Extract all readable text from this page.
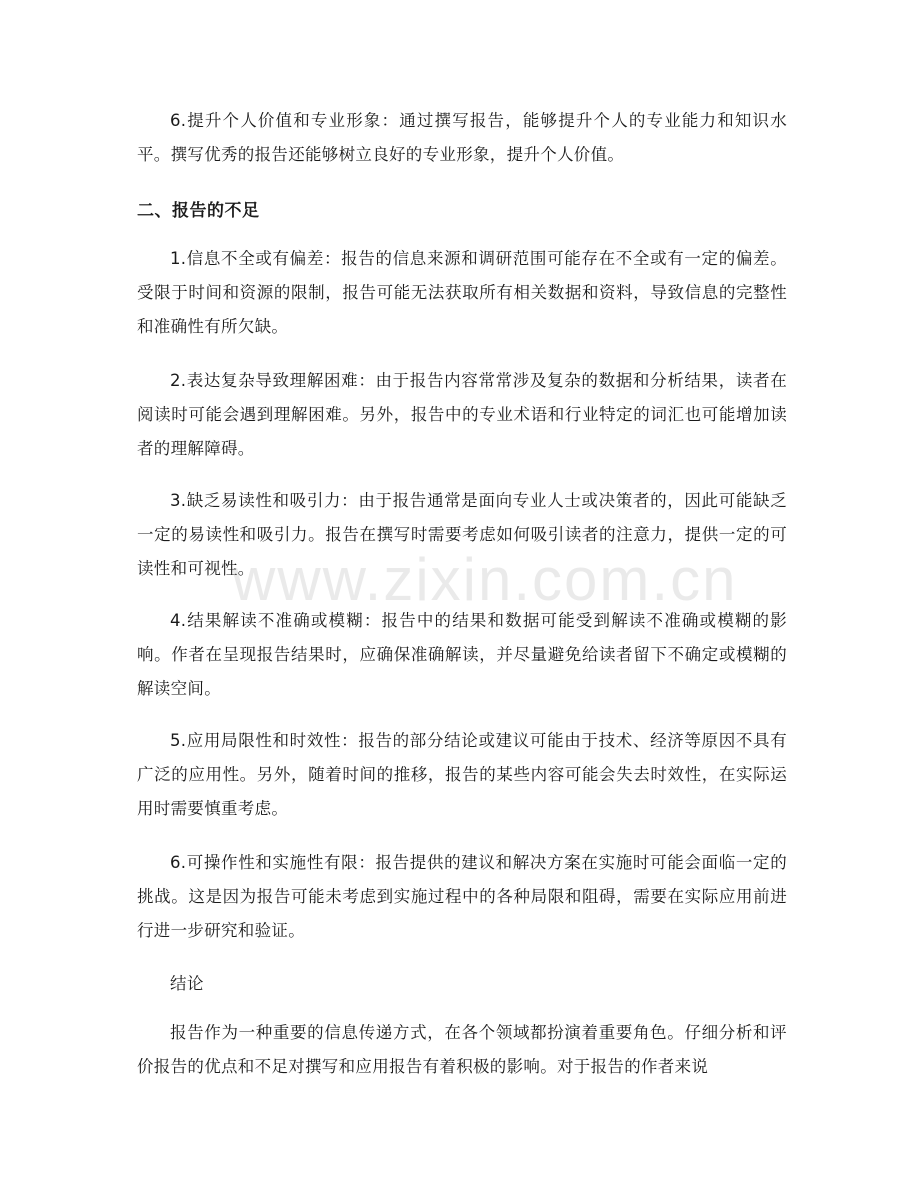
6.提升个人价值和专业形象：通过撰写报告，能够提升个人的专业能力和知识水平。撰写优秀的报告还能够树立良好的专业形象，提升个人价值。

二、报告的不足

1.信息不全或有偏差：报告的信息来源和调研范围可能存在不全或有一定的偏差。受限于时间和资源的限制，报告可能无法获取所有相关数据和资料，导致信息的完整性和准确性有所欠缺。

2.表达复杂导致理解困难：由于报告内容常常涉及复杂的数据和分析结果，读者在阅读时可能会遇到理解困难。另外，报告中的专业术语和行业特定的词汇也可能增加读者的理解障碍。

3.缺乏易读性和吸引力：由于报告通常是面向专业人士或决策者的，因此可能缺乏一定的易读性和吸引力。报告在撰写时需要考虑如何吸引读者的注意力，提供一定的可读性和可视性。

4.结果解读不准确或模糊：报告中的结果和数据可能受到解读不准确或模糊的影响。作者在呈现报告结果时，应确保准确解读，并尽量避免给读者留下不确定或模糊的解读空间。

5.应用局限性和时效性：报告的部分结论或建议可能由于技术、经济等原因不具有广泛的应用性。另外，随着时间的推移，报告的某些内容可能会失去时效性，在实际运用时需要慎重考虑。

6.可操作性和实施性有限：报告提供的建议和解决方案在实施时可能会面临一定的挑战。这是因为报告可能未考虑到实施过程中的各种局限和阻碍，需要在实际应用前进行进一步研究和验证。

结论

报告作为一种重要的信息传递方式，在各个领域都扮演着重要角色。仔细分析和评价报告的优点和不足对撰写和应用报告有着积极的影响。对于报告的作者来说

www.zixin.com.cn
